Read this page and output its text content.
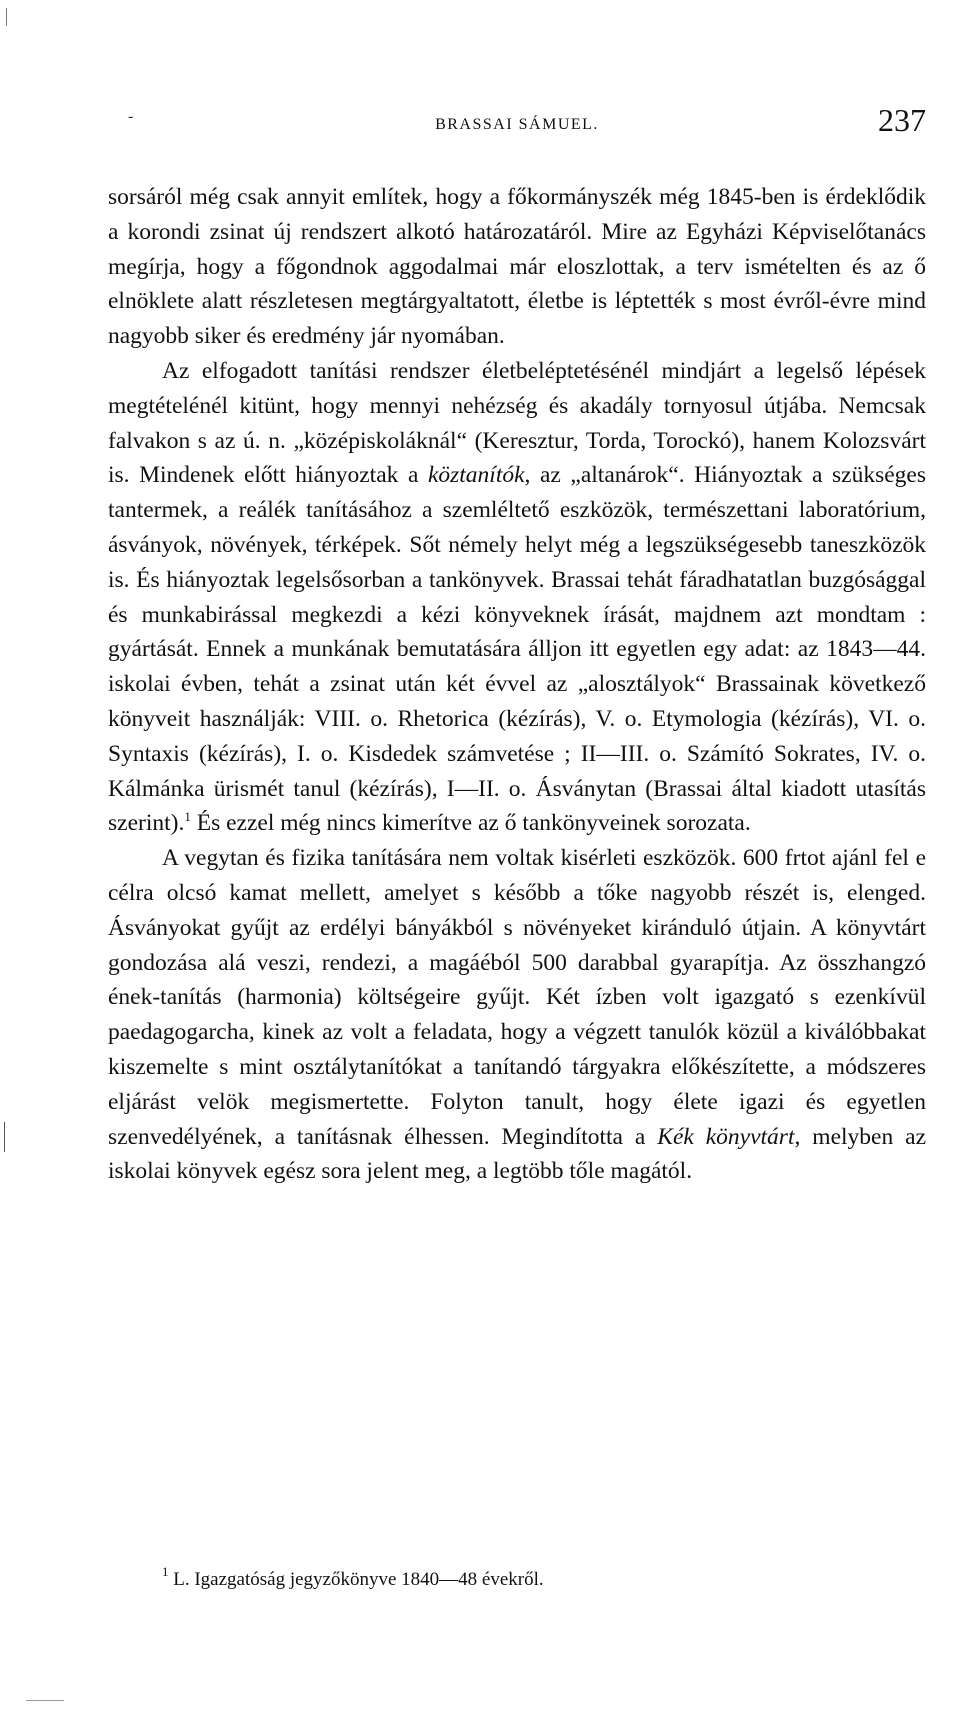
-	BRASSAI SÁMUEL.	237

sorsáról még csak annyit említek, hogy a főkormányszék még 1845-ben is érdeklődik a korondi zsinat új rendszert alkotó határozatáról. Mire az Egyházi Képviselőtanács megírja, hogy a főgondnok aggodalmai már eloszlottak, a terv ismételten és az ő elnöklete alatt részletesen megtárgyaltatott, életbe is léptették s most évről-évre mind nagyobb siker és eredmény jár nyomában.

Az elfogadott tanítási rendszer életbeléptetésénél mindjárt a legelső lépések megtételénél kitünt, hogy mennyi nehézség és akadály tornyosul útjába. Nemcsak falvakon s az ú. n. „középiskoláknál“ (Keresztur, Torda, Torockó), hanem Kolozsvárt is. Mindenek előtt hiányoztak a köztanítók, az „altanárok“. Hiányoztak a szükséges tantermek, a reálék tanításához a szemléltető eszközök, természettani laboratórium, ásványok, növények, térképek. Sőt némely helyt még a legszükségesebb taneszközök is. És hiányoztak legelsősorban a tankönyvek. Brassai tehát fáradhatatlan buzgósággal és munkabirással megkezdi a kézi könyveknek írását, majdnem azt mondtam : gyártását. Ennek a munkának bemutatására álljon itt egyetlen egy adat: az 1843—44. iskolai évben, tehát a zsinat után két évvel az „alosztályok“ Brassainak következő könyveit használják: VIII. o. Rhetorica (kézírás), V. o. Etymologia (kézírás), VI. o. Syntaxis (kézírás), I. o. Kisdedek számvetése ; II—III. o. Számító Sokrates, IV. o. Kálmánka ürismét tanul (kézírás), I—II. o. Ásványtan (Brassai által kiadott utasítás szerint).$^1$ És ezzel még nincs kimerítve az ő tankönyveinek sorozata.

A vegytan és fizika tanítására nem voltak kisérleti eszközök. 600 frtot ajánl fel e célra olcsó kamat mellett, amelyet s később a tőke nagyobb részét is, elenged. Ásványokat gyűjt az erdélyi bányákból s növényeket kiránduló útjain. A könyvtárt gondozása alá veszi, rendezi, a magáéból 500 darabbal gyarapítja. Az összhangzó ének-tanítás (harmonia) költségeire gyűjt. Két ízben volt igazgató s ezenkívül paedagogarcha, kinek az volt a feladata, hogy a végzett tanulók közül a kiválóbbakat kiszemelte s mint osztálytanítókat a tanítandó tárgyakra előkészítette, a módszeres eljárást velök megismertette. Folyton tanult, hogy élete igazi és egyetlen szenvedélyének, a tanításnak élhessen. Megindította a Kék könyvtárt, melyben az iskolai könyvek egész sora jelent meg, a legtöbb tőle magától.

$^1$ L. Igazgatóság jegyzőkönyve 1840—48 évekről.
